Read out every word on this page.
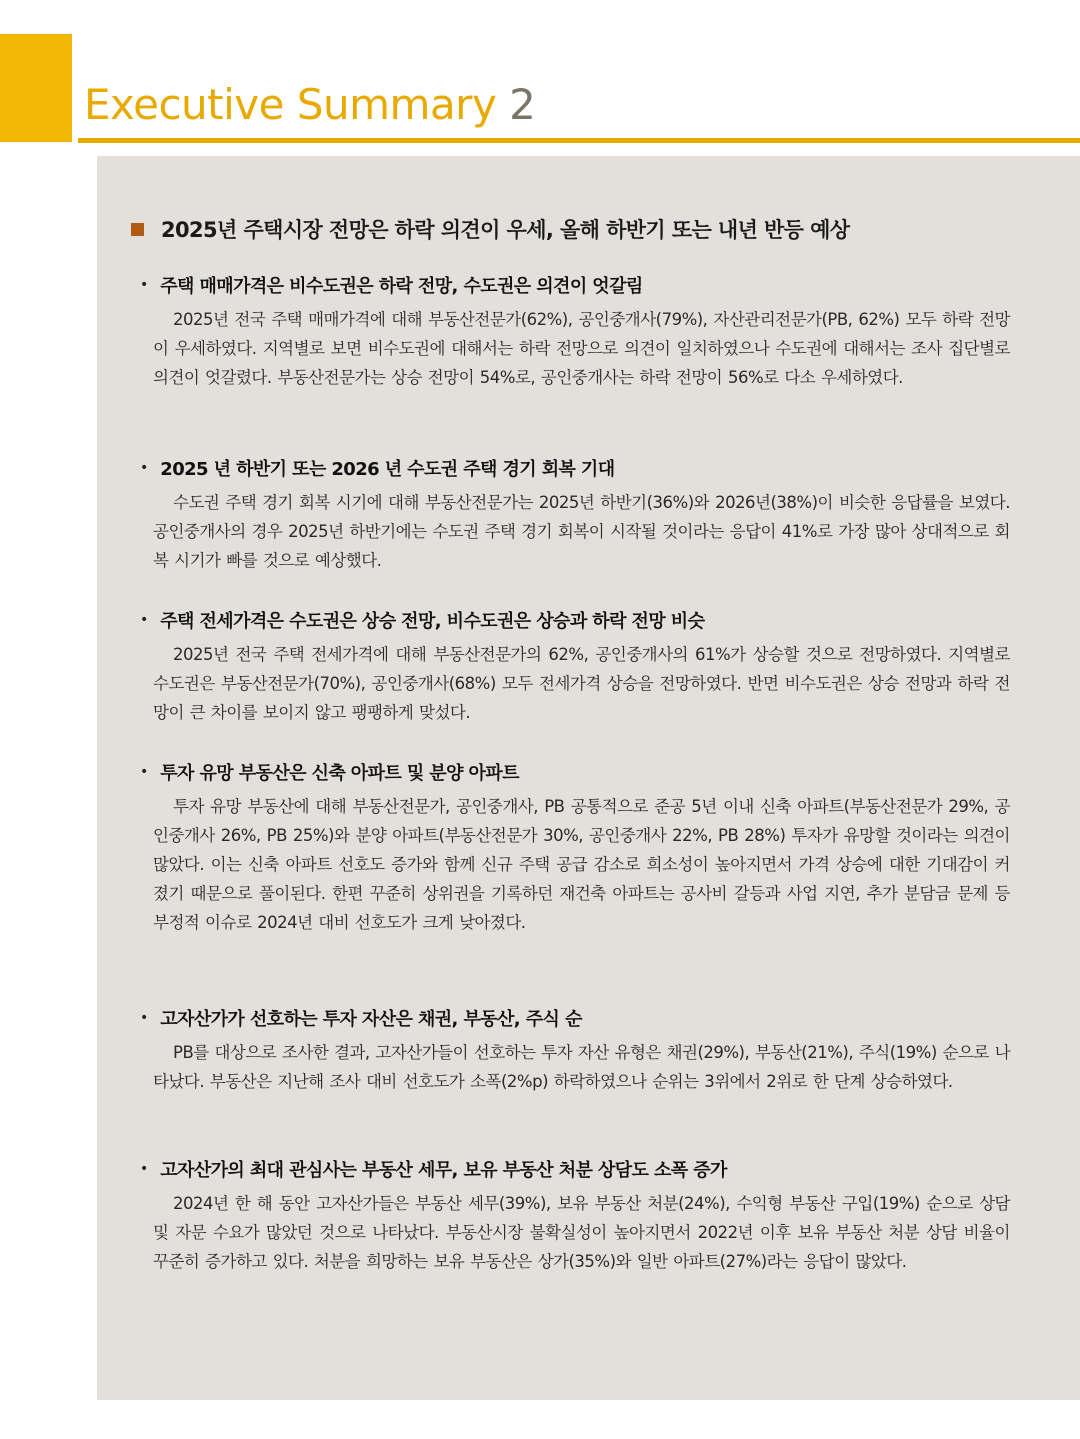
Executive Summary 2
2025년 주택시장 전망은 하락 의견이 우세, 올해 하반기 또는 내년 반등 예상
• 주택 매매가격은 비수도권은 하락 전망, 수도권은 의견이 엇갈림

2025년 전국 주택 매매가격에 대해 부동산전문가(62%), 공인중개사(79%), 자산관리전문가(PB, 62%) 모두 하락 전망이 우세하였다. 지역별로 보면 비수도권에 대해서는 하락 전망으로 의견이 일치하였으나 수도권에 대해서는 조사 집단별로 의견이 엇갈렸다. 부동산전문가는 상승 전망이 54%로, 공인중개사는 하락 전망이 56%로 다소 우세하였다.

• 2025 년 하반기 또는 2026 년 수도권 주택 경기 회복 기대

수도권 주택 경기 회복 시기에 대해 부동산전문가는 2025년 하반기(36%)와 2026년(38%)이 비슷한 응답률을 보였다. 공인중개사의 경우 2025년 하반기에는 수도권 주택 경기 회복이 시작될 것이라는 응답이 41%로 가장 많아 상대적으로 회복 시기가 빠를 것으로 예상했다.

• 주택 전세가격은 수도권은 상승 전망, 비수도권은 상승과 하락 전망 비슷

2025년 전국 주택 전세가격에 대해 부동산전문가의 62%, 공인중개사의 61%가 상승할 것으로 전망하였다. 지역별로 수도권은 부동산전문가(70%), 공인중개사(68%) 모두 전세가격 상승을 전망하였다. 반면 비수도권은 상승 전망과 하락 전망이 큰 차이를 보이지 않고 팽팽하게 맞섰다.

• 투자 유망 부동산은 신축 아파트 및 분양 아파트

투자 유망 부동산에 대해 부동산전문가, 공인중개사, PB 공통적으로 준공 5년 이내 신축 아파트(부동산전문가 29%, 공인중개사 26%, PB 25%)와 분양 아파트(부동산전문가 30%, 공인중개사 22%, PB 28%) 투자가 유망할 것이라는 의견이 많았다. 이는 신축 아파트 선호도 증가와 함께 신규 주택 공급 감소로 희소성이 높아지면서 가격 상승에 대한 기대감이 커졌기 때문으로 풀이된다. 한편 꾸준히 상위권을 기록하던 재건축 아파트는 공사비 갈등과 사업 지연, 추가 분담금 문제 등 부정적 이슈로 2024년 대비 선호도가 크게 낮아졌다.

• 고자산가가 선호하는 투자 자산은 채권, 부동산, 주식 순

PB를 대상으로 조사한 결과, 고자산가들이 선호하는 투자 자산 유형은 채권(29%), 부동산(21%), 주식(19%) 순으로 나타났다. 부동산은 지난해 조사 대비 선호도가 소폭(2%p) 하락하였으나 순위는 3위에서 2위로 한 단계 상승하였다.

• 고자산가의 최대 관심사는 부동산 세무, 보유 부동산 처분 상담도 소폭 증가

2024년 한 해 동안 고자산가들은 부동산 세무(39%), 보유 부동산 처분(24%), 수익형 부동산 구입(19%) 순으로 상담 및 자문 수요가 많았던 것으로 나타났다. 부동산시장 불확실성이 높아지면서 2022년 이후 보유 부동산 처분 상담 비율이 꾸준히 증가하고 있다. 처분을 희망하는 보유 부동산은 상가(35%)와 일반 아파트(27%)라는 응답이 많았다.
